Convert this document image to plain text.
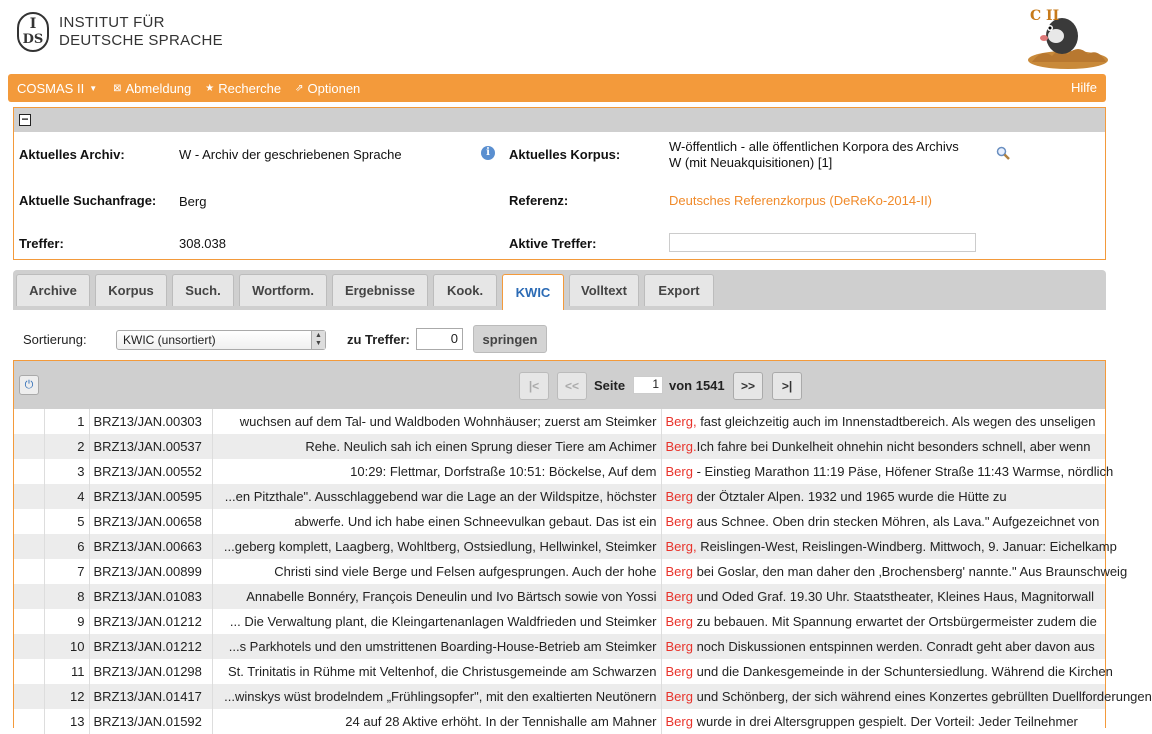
I
DS
INSTITUT FÜR
DEUTSCHE SPRACHE
C II
COSMAS II ▼ ⊠ Abmeldung ★ Recherche ⇗ Optionen	Hilfe
−
Aktuelles Archiv:	W - Archiv der geschriebenen Sprache	i	Aktuelles Korpus:
W-öffentlich - alle öffentlichen Korpora des Archivs
W (mit Neuakquisitionen) [1]
Aktuelle Suchanfrage: Berg	Referenz:	Deutsches Referenzkorpus (DeReKo-2014-II)
Treffer:	308.038	Aktive Treffer:
Archive	Korpus	Such.	Wortform.	Ergebnisse	Kook.	KWIC	Volltext	Export
Sortierung:	KWIC (unsortiert)	▲
▼ zu Treffer:	0	springen
⏻	|<	<<	Seite	1 von 1541	>>	>|
	1	BRZ13/JAN.00303	wuchsen auf dem Tal- und Waldboden Wohnhäuser; zuerst am Steimker	Berg, fast gleichzeitig auch im Innenstadtbereich. Als wegen des unseligen
	2	BRZ13/JAN.00537	Rehe. Neulich sah ich einen Sprung dieser Tiere am Achimer	Berg.Ich fahre bei Dunkelheit ohnehin nicht besonders schnell, aber wenn
	3	BRZ13/JAN.00552	10:29: Flettmar, Dorfstraße 10:51: Böckelse, Auf dem	Berg - Einstieg Marathon 11:19 Päse, Höfener Straße 11:43 Warmse, nördlich
	4	BRZ13/JAN.00595	...en Pitzthale". Ausschlaggebend war die Lage an der Wildspitze, höchster	Berg der Ötztaler Alpen. 1932 und 1965 wurde die Hütte zu
	5	BRZ13/JAN.00658	abwerfe. Und ich habe einen Schneevulkan gebaut. Das ist ein	Berg aus Schnee. Oben drin stecken Möhren, als Lava." Aufgezeichnet von
	6	BRZ13/JAN.00663	...geberg komplett, Laagberg, Wohltberg, Ostsiedlung, Hellwinkel, Steimker	Berg, Reislingen-West, Reislingen-Windberg. Mittwoch, 9. Januar: Eichelkamp
	7	BRZ13/JAN.00899	Christi sind viele Berge und Felsen aufgesprungen. Auch der hohe	Berg bei Goslar, den man daher den ‚Brochensberg' nannte." Aus Braunschweig
	8	BRZ13/JAN.01083	Annabelle Bonnéry, François Deneulin und Ivo Bärtsch sowie von Yossi	Berg und Oded Graf. 19.30 Uhr. Staatstheater, Kleines Haus, Magnitorwall
	9	BRZ13/JAN.01212	... Die Verwaltung plant, die Kleingartenanlagen Waldfrieden und Steimker	Berg zu bebauen. Mit Spannung erwartet der Ortsbürgermeister zudem die
	10	BRZ13/JAN.01212	...s Parkhotels und den umstrittenen Boarding-House-Betrieb am Steimker	Berg noch Diskussionen entspinnen werden. Conradt geht aber davon aus
	11	BRZ13/JAN.01298	St. Trinitatis in Rühme mit Veltenhof, die Christusgemeinde am Schwarzen	Berg und die Dankesgemeinde in der Schuntersiedlung. Während die Kirchen
	12	BRZ13/JAN.01417	...winskys wüst brodelndem „Frühlingsopfer", mit den exaltierten Neutönern	Berg und Schönberg, der sich während eines Konzertes gebrüllten Duellforderungen
	13	BRZ13/JAN.01592	24 auf 28 Aktive erhöht. In der Tennishalle am Mahner	Berg wurde in drei Altersgruppen gespielt. Der Vorteil: Jeder Teilnehmer
